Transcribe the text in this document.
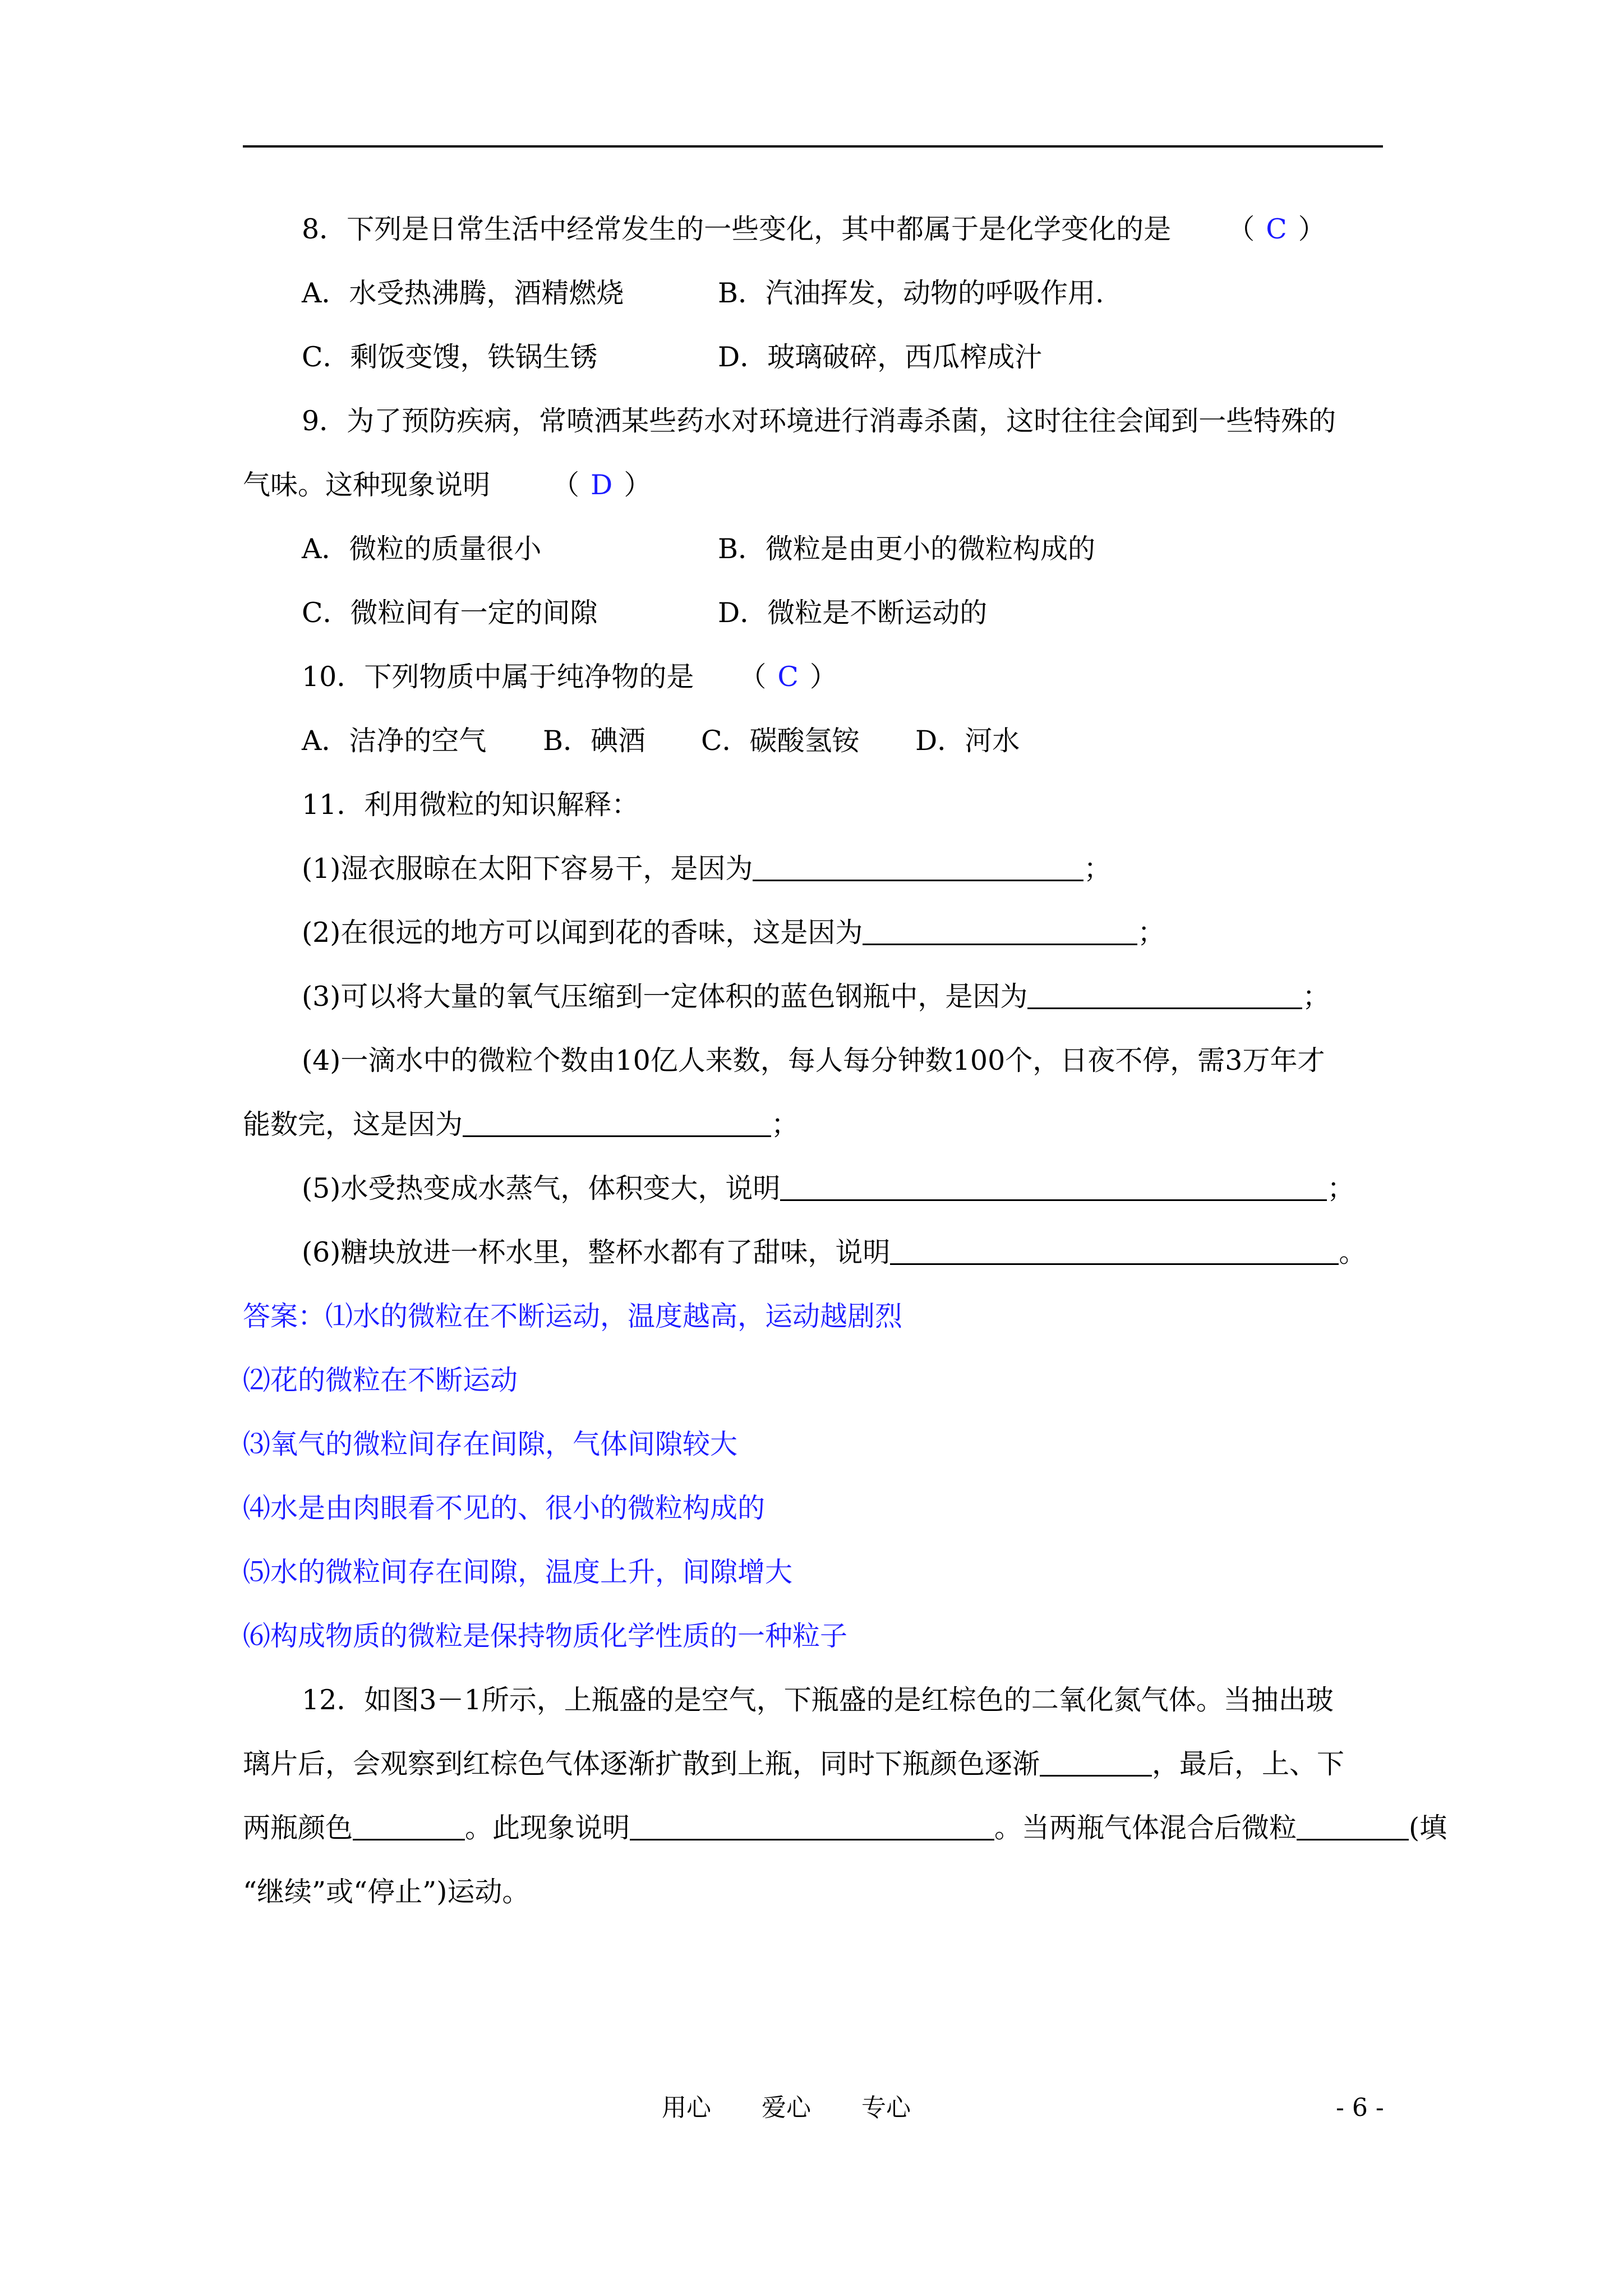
8．下列是日常生活中经常发生的一些变化，其中都属于是化学变化的是 （ C ）
A．水受热沸腾，酒精燃烧	B．汽油挥发，动物的呼吸作用.
C．剩饭变馊，铁锅生锈	D．玻璃破碎，西瓜榨成汁
9．为了预防疾病，常喷洒某些药水对环境进行消毒杀菌，这时往往会闻到一些特殊的
气味。这种现象说明 （ D ）
A．微粒的质量很小	B．微粒是由更小的微粒构成的
C．微粒间有一定的间隙	D．微粒是不断运动的
10．下列物质中属于纯净物的是 （ C ）
A．洁净的空气 B．碘酒 C．碳酸氢铵 D．河水
11．利用微粒的知识解释：
(1)湿衣服晾在太阳下容易干，是因为	；
(2)在很远的地方可以闻到花的香味，这是因为	；
(3)可以将大量的氧气压缩到一定体积的蓝色钢瓶中，是因为	；
(4)一滴水中的微粒个数由10亿人来数，每人每分钟数100个，日夜不停，需3万年才
能数完，这是因为	；
(5)水受热变成水蒸气，体积变大，说明	；
(6)糖块放进一杯水里，整杯水都有了甜味，说明	。
答案：⑴水的微粒在不断运动，温度越高，运动越剧烈
⑵花的微粒在不断运动
⑶氧气的微粒间存在间隙，气体间隙较大
⑷水是由肉眼看不见的、很小的微粒构成的
⑸水的微粒间存在间隙，温度上升，间隙增大
⑹构成物质的微粒是保持物质化学性质的一种粒子
12．如图3－1所示，上瓶盛的是空气，下瓶盛的是红棕色的二氧化氮气体。当抽出玻
璃片后，会观察到红棕色气体逐渐扩散到上瓶，同时下瓶颜色逐渐	，最后，上、下
两瓶颜色	。此现象说明	。当两瓶气体混合后微粒	(填
“继续”或“停止”)运动。
用心 爱心 专心	- 6 -
